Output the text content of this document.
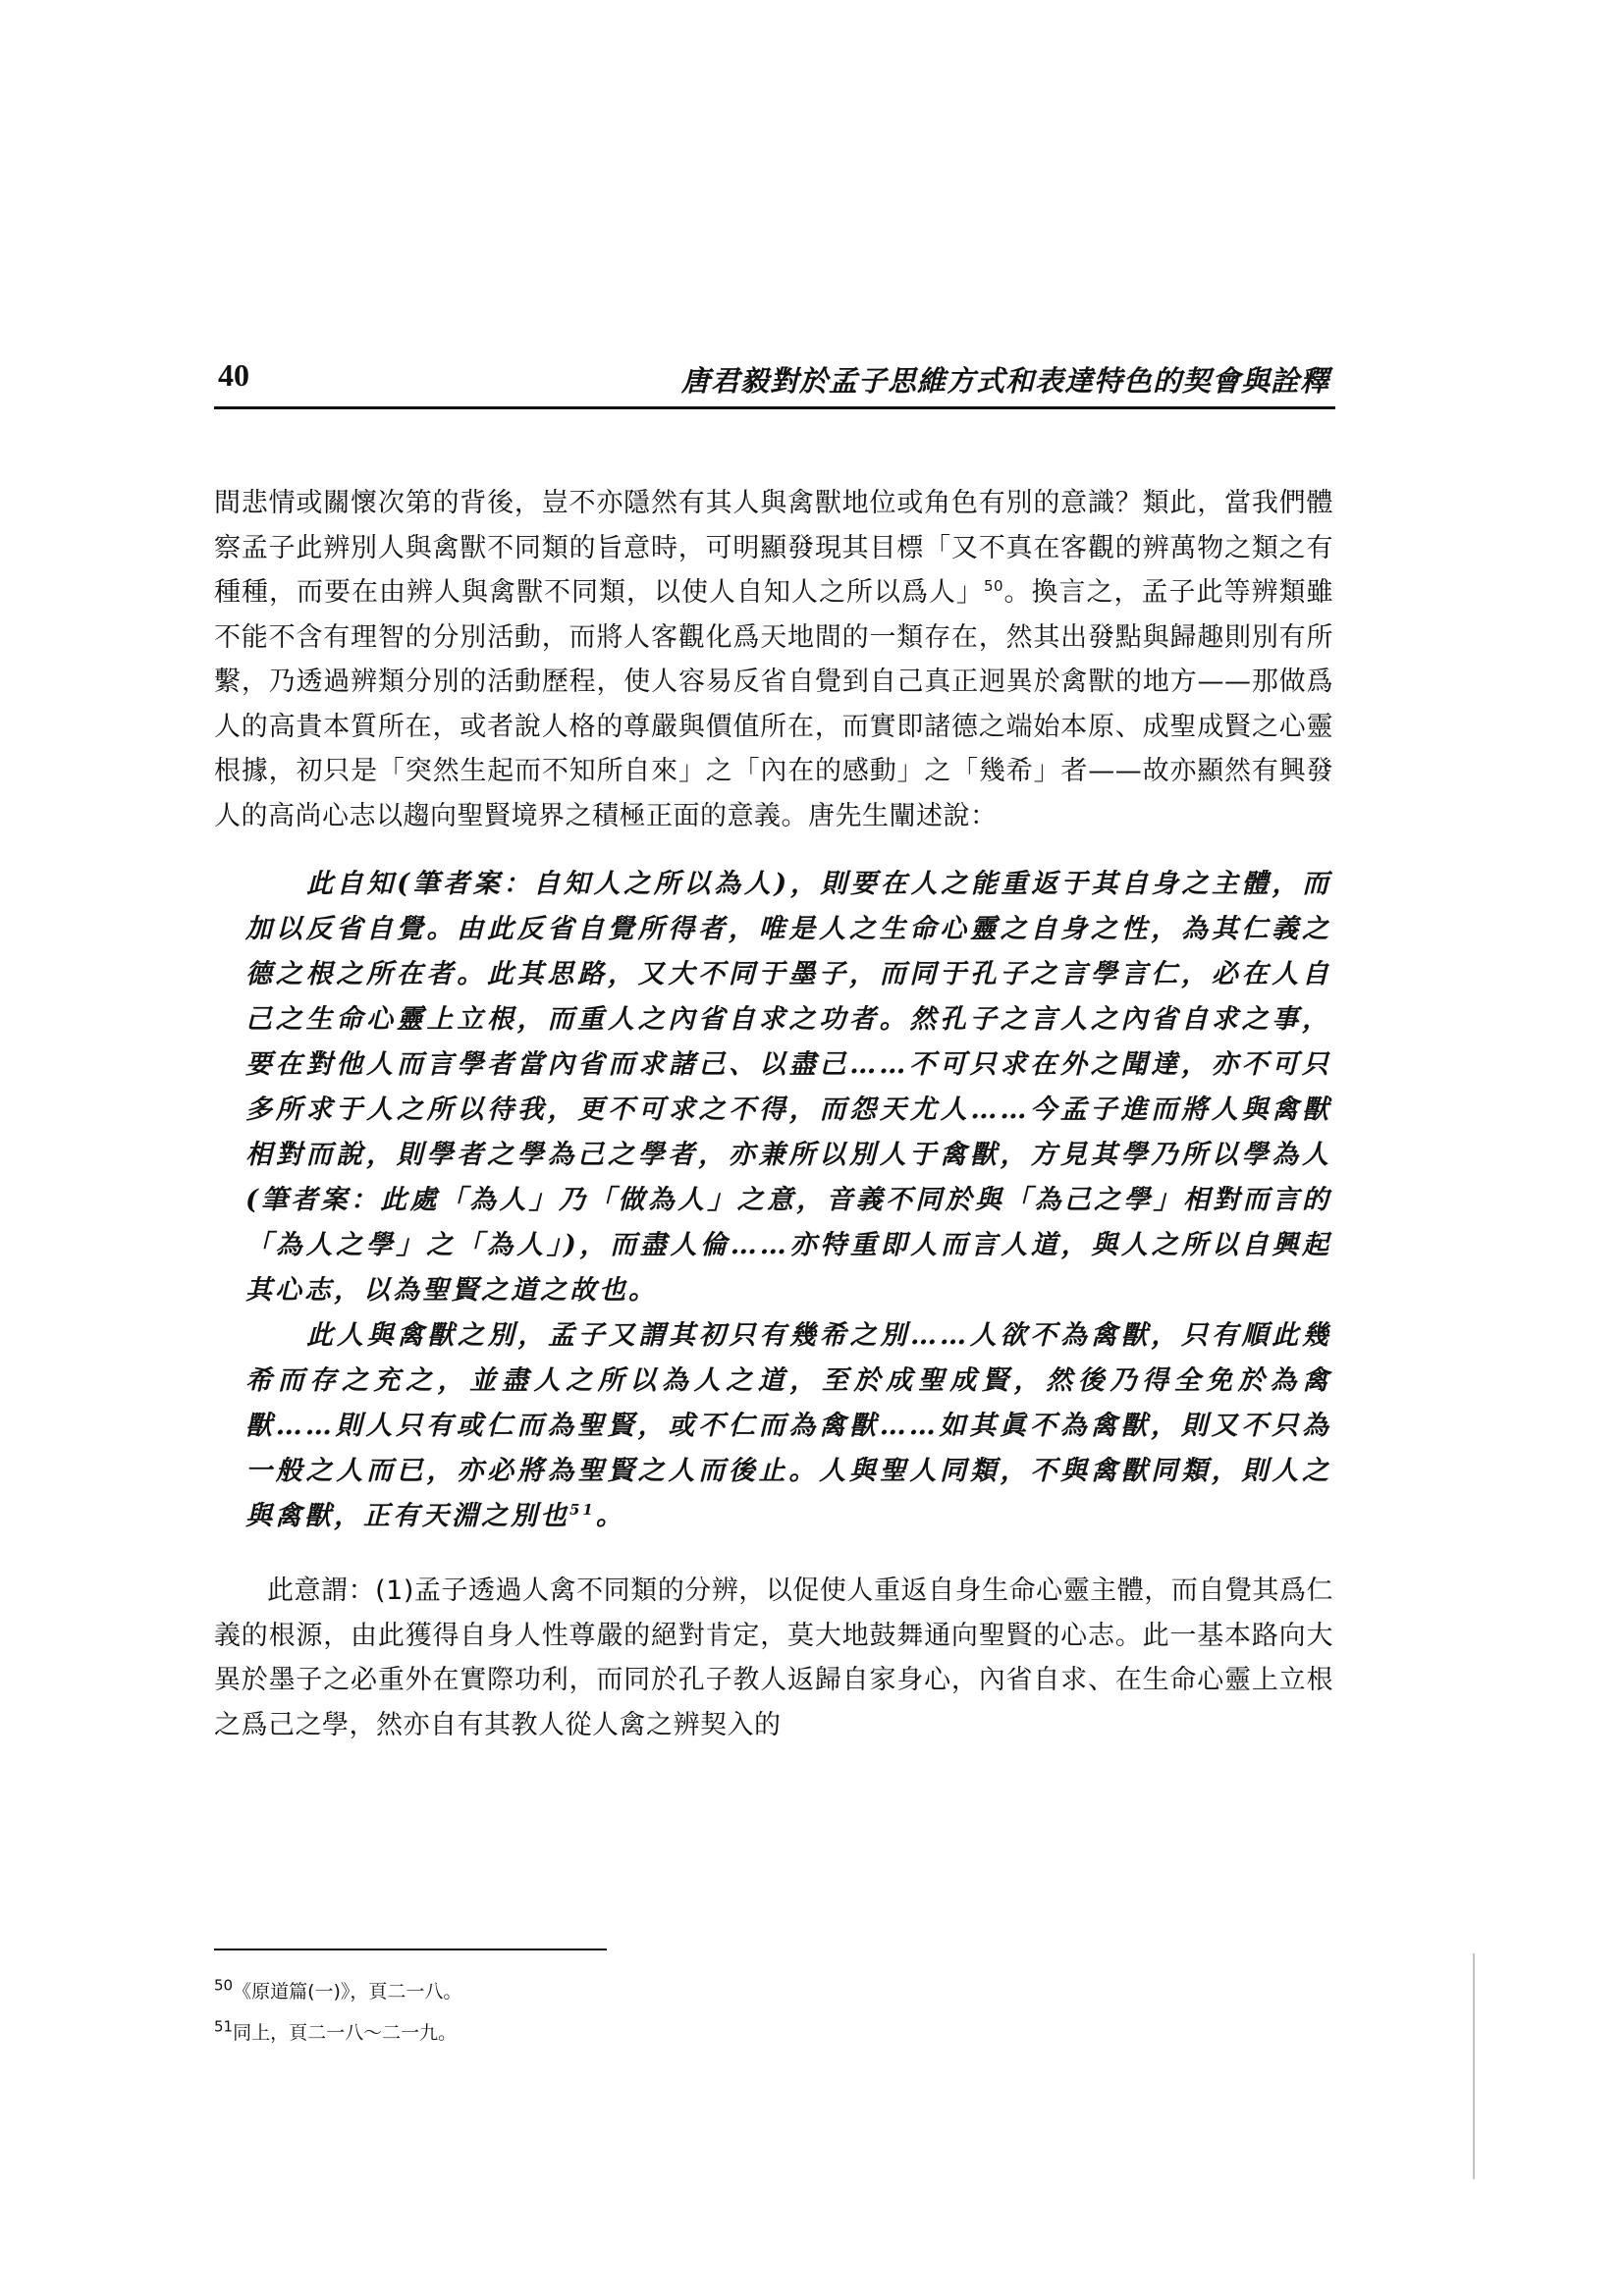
40	唐君毅對於孟子思維方式和表達特色的契會與詮釋

間悲情或關懷次第的背後，豈不亦隱然有其人與禽獸地位或角色有別的意識？類此，當我們體察孟子此辨別人與禽獸不同類的旨意時，可明顯發現其目標「又不真在客觀的辨萬物之類之有種種，而要在由辨人與禽獸不同類，以使人自知人之所以爲人」$^{50}$。換言之，孟子此等辨類雖不能不含有理智的分別活動，而將人客觀化爲天地間的一類存在，然其出發點與歸趣則別有所繫，乃透過辨類分別的活動歷程，使人容易反省自覺到自己真正迥異於禽獸的地方——那做爲人的高貴本質所在，或者說人格的尊嚴與價值所在，而實即諸德之端始本原、成聖成賢之心靈根據，初只是「突然生起而不知所自來」之「內在的感動」之「幾希」者——故亦顯然有興發人的高尚心志以趨向聖賢境界之積極正面的意義。唐先生闡述說：

此自知(筆者案：自知人之所以為人)，則要在人之能重返于其自身之主體，而加以反省自覺。由此反省自覺所得者，唯是人之生命心靈之自身之性，為其仁義之德之根之所在者。此其思路，又大不同于墨子，而同于孔子之言學言仁，必在人自己之生命心靈上立根，而重人之內省自求之功者。然孔子之言人之內省自求之事，要在對他人而言學者當內省而求諸己、以盡己……不可只求在外之聞達，亦不可只多所求于人之所以待我，更不可求之不得，而怨天尤人……今孟子進而將人與禽獸相對而說，則學者之學為己之學者，亦兼所以別人于禽獸，方見其學乃所以學為人(筆者案：此處「為人」乃「做為人」之意，音義不同於與「為己之學」相對而言的「為人之學」之「為人」)，而盡人倫……亦特重即人而言人道，與人之所以自興起其心志，以為聖賢之道之故也。

此人與禽獸之別，孟子又謂其初只有幾希之別……人欲不為禽獸，只有順此幾希而存之充之，並盡人之所以為人之道，至於成聖成賢，然後乃得全免於為禽獸……則人只有或仁而為聖賢，或不仁而為禽獸……如其眞不為禽獸，則又不只為一般之人而已，亦必將為聖賢之人而後止。人與聖人同類，不與禽獸同類，則人之與禽獸，正有天淵之別也$^{51}$。

此意謂：(1)孟子透過人禽不同類的分辨，以促使人重返自身生命心靈主體，而自覺其爲仁義的根源，由此獲得自身人性尊嚴的絕對肯定，莫大地鼓舞通向聖賢的心志。此一基本路向大異於墨子之必重外在實際功利，而同於孔子教人返歸自家身心，內省自求、在生命心靈上立根之爲己之學，然亦自有其教人從人禽之辨契入的

$^{50}$《原道篇(一)》，頁二一八。

$^{51}$同上，頁二一八～二一九。
